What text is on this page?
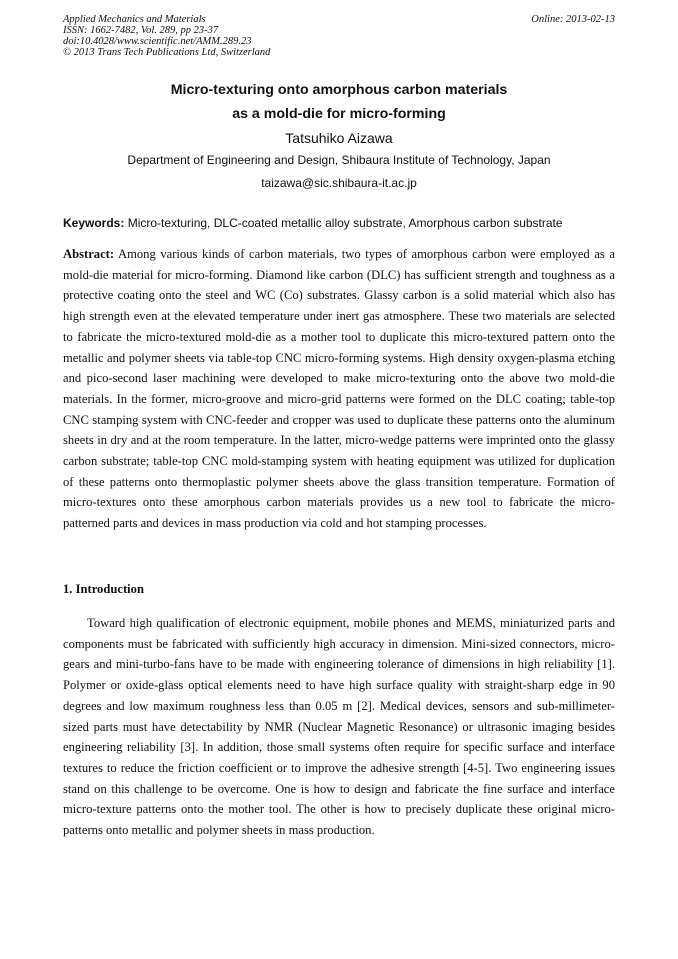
Applied Mechanics and Materials	Online: 2013-02-13
ISSN: 1662-7482, Vol. 289, pp 23-37
doi:10.4028/www.scientific.net/AMM.289.23
© 2013 Trans Tech Publications Ltd, Switzerland
Micro-texturing onto amorphous carbon materials
as a mold-die for micro-forming
Tatsuhiko Aizawa
Department of Engineering and Design, Shibaura Institute of Technology, Japan
taizawa@sic.shibaura-it.ac.jp
Keywords: Micro-texturing, DLC-coated metallic alloy substrate, Amorphous carbon substrate
Abstract: Among various kinds of carbon materials, two types of amorphous carbon were employed as a mold-die material for micro-forming. Diamond like carbon (DLC) has sufficient strength and toughness as a protective coating onto the steel and WC (Co) substrates. Glassy carbon is a solid material which also has high strength even at the elevated temperature under inert gas atmosphere. These two materials are selected to fabricate the micro-textured mold-die as a mother tool to duplicate this micro-textured pattern onto the metallic and polymer sheets via table-top CNC micro-forming systems. High density oxygen-plasma etching and pico-second laser machining were developed to make micro-texturing onto the above two mold-die materials. In the former, micro-groove and micro-grid patterns were formed on the DLC coating; table-top CNC stamping system with CNC-feeder and cropper was used to duplicate these patterns onto the aluminum sheets in dry and at the room temperature. In the latter, micro-wedge patterns were imprinted onto the glassy carbon substrate; table-top CNC mold-stamping system with heating equipment was utilized for duplication of these patterns onto thermoplastic polymer sheets above the glass transition temperature. Formation of micro-textures onto these amorphous carbon materials provides us a new tool to fabricate the micro-patterned parts and devices in mass production via cold and hot stamping processes.
1. Introduction
Toward high qualification of electronic equipment, mobile phones and MEMS, miniaturized parts and components must be fabricated with sufficiently high accuracy in dimension. Mini-sized connectors, micro-gears and mini-turbo-fans have to be made with engineering tolerance of dimensions in high reliability [1]. Polymer or oxide-glass optical elements need to have high surface quality with straight-sharp edge in 90 degrees and low maximum roughness less than 0.05 m [2]. Medical devices, sensors and sub-millimeter-sized parts must have detectability by NMR (Nuclear Magnetic Resonance) or ultrasonic imaging besides engineering reliability [3]. In addition, those small systems often require for specific surface and interface textures to reduce the friction coefficient or to improve the adhesive strength [4-5]. Two engineering issues stand on this challenge to be overcome. One is how to design and fabricate the fine surface and interface micro-texture patterns onto the mother tool. The other is how to precisely duplicate these original micro-patterns onto metallic and polymer sheets in mass production.
